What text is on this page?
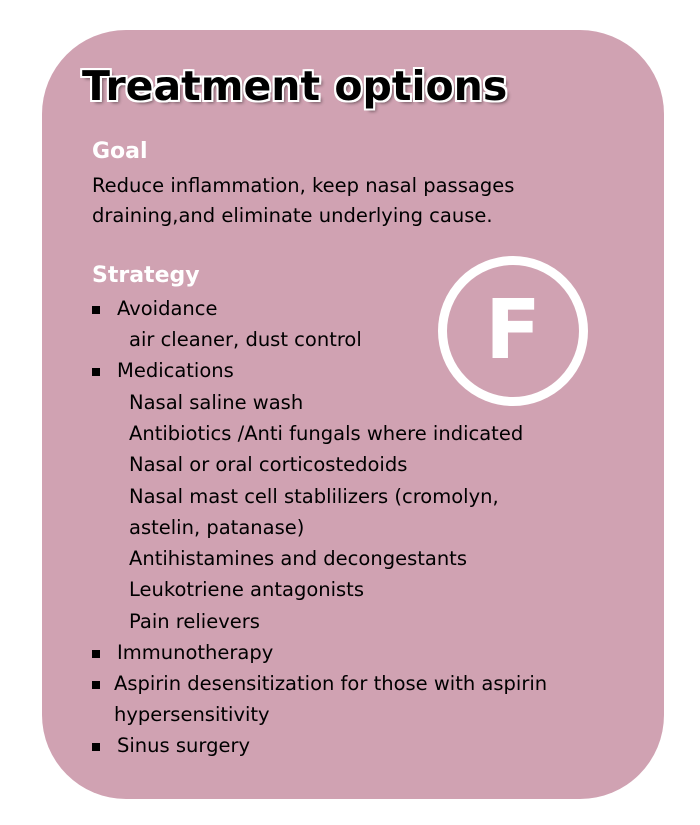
Treatment options
Goal

Reduce inflammation, keep nasal passages draining,and eliminate underlying cause.

Strategy

Avoidance

air cleaner, dust control

Medications

Nasal saline wash

Antibiotics /Anti fungals where indicated

Nasal or oral corticostedoids

Nasal mast cell stablilizers (cromolyn,

astelin, patanase)

Antihistamines and decongestants

Leukotriene antagonists

Pain relievers

Immunotherapy

Aspirin desensitization for those with aspirin

hypersensitivity

Sinus surgery

F
